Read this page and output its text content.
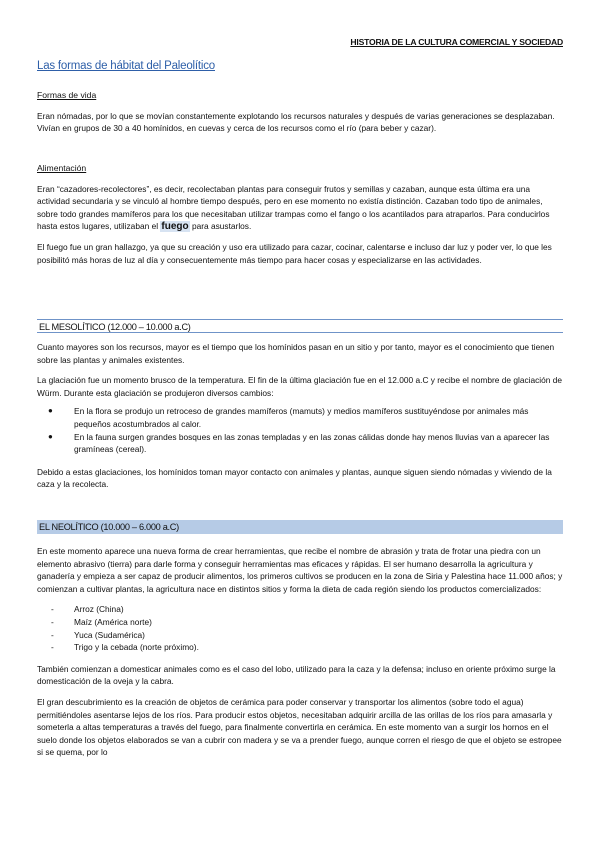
HISTORIA DE LA CULTURA COMERCIAL Y SOCIEDAD
Las formas de hábitat del Paleolítico

Formas de vida

Eran nómadas, por lo que se movían constantemente explotando los recursos naturales y después de varias generaciones se desplazaban. Vivían en grupos de 30 a 40 homínidos, en cuevas y cerca de los recursos como el río (para beber y cazar).

Alimentación

Eran “cazadores-recolectores”, es decir, recolectaban plantas para conseguir frutos y semillas y cazaban, aunque esta última era una actividad secundaria y se vinculó al hombre tiempo después, pero en ese momento no existía distinción. Cazaban todo tipo de animales, sobre todo grandes mamíferos para los que necesitaban utilizar trampas como el fango o los acantilados para atraparlos. Para conducirlos hasta estos lugares, utilizaban el fuego para asustarlos.

El fuego fue un gran hallazgo, ya que su creación y uso era utilizado para cazar, cocinar, calentarse e incluso dar luz y poder ver, lo que les posibilitó más horas de luz al día y consecuentemente más tiempo para hacer cosas y especializarse en las actividades.

EL MESOLÍTICO (12.000 – 10.000 a.C)

Cuanto mayores son los recursos, mayor es el tiempo que los homínidos pasan en un sitio y por tanto, mayor es el conocimiento que tienen sobre las plantas y animales existentes.

La glaciación fue un momento brusco de la temperatura. El fin de la última glaciación fue en el 12.000 a.C y recibe el nombre de glaciación de Würm. Durante esta glaciación se produjeron diversos cambios:

●	En la flora se produjo un retroceso de grandes mamíferos (mamuts) y medios mamíferos sustituyéndose por animales más pequeños acostumbrados al calor.
●	En la fauna surgen grandes bosques en las zonas templadas y en las zonas cálidas donde hay menos lluvias van a aparecer las gramíneas (cereal).

Debido a estas glaciaciones, los homínidos toman mayor contacto con animales y plantas, aunque siguen siendo nómadas y viviendo de la caza y la recolecta.

EL NEOLÍTICO (10.000 – 6.000 a.C)

En este momento aparece una nueva forma de crear herramientas, que recibe el nombre de abrasión y trata de frotar una piedra con un elemento abrasivo (tierra) para darle forma y conseguir herramientas mas eficaces y rápidas. El ser humano desarrolla la agricultura y ganadería y empieza a ser capaz de producir alimentos, los primeros cultivos se producen en la zona de Siria y Palestina hace 11.000 años; y comienzan a cultivar plantas, la agricultura nace en distintos sitios y forma la dieta de cada región siendo los productos comercializados:

- Arroz (China)
- Maíz (América norte)
- Yuca (Sudamérica)
- Trigo y la cebada (norte próximo).

También comienzan a domesticar animales como es el caso del lobo, utilizado para la caza y la defensa; incluso en oriente próximo surge la domesticación de la oveja y la cabra.

El gran descubrimiento es la creación de objetos de cerámica para poder conservar y transportar los alimentos (sobre todo el agua) permitiéndoles asentarse lejos de los ríos. Para producir estos objetos, necesitaban adquirir arcilla de las orillas de los ríos para amasarla y someterla a altas temperaturas a través del fuego, para finalmente convertirla en cerámica. En este momento van a surgir los hornos en el suelo donde los objetos elaborados se van a cubrir con madera y se va a prender fuego, aunque corren el riesgo de que el objeto se estropee si se quema, por lo
